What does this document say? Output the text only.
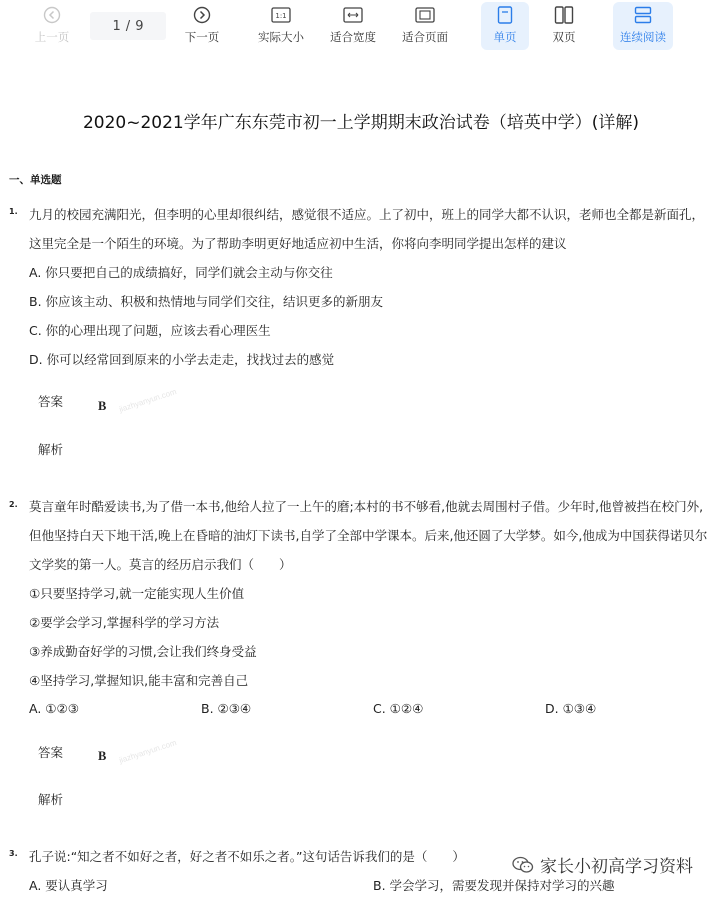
上一页
1 / 9
下一页
1:1
实际大小 适合宽度 适合页面	单页	双页	连续阅读
2020~2021学年广东东莞市初一上学期期末政治试卷（培英中学）(详解)
一、单选题
1. 九月的校园充满阳光，但李明的心里却很纠结，感觉很不适应。上了初中，班上的同学大都不认识，老师也全都是新面孔，
这里完全是一个陌生的环境。为了帮助李明更好地适应初中生活，你将向李明同学提出怎样的建议
A. 你只要把自己的成绩搞好，同学们就会主动与你交往
B. 你应该主动、积极和热情地与同学们交往，结识更多的新朋友
C. 你的心理出现了问题，应该去看心理医生
D. 你可以经常回到原来的小学去走走，找找过去的感觉
答案	B jiazhyanyun.com
解析
2. 莫言童年时酷爱读书,为了借一本书,他给人拉了一上午的磨;本村的书不够看,他就去周围村子借。少年时,他曾被挡在校门外,
但他坚持白天下地干活,晚上在昏暗的油灯下读书,自学了全部中学课本。后来,他还圆了大学梦。如今,他成为中国获得诺贝尔
文学奖的第一人。莫言的经历启示我们（　　）
①只要坚持学习,就一定能实现人生价值
②要学会学习,掌握科学的学习方法
③养成勤奋好学的习惯,会让我们终身受益
④坚持学习,掌握知识,能丰富和完善自己
A. ①②③	B. ②③④	C. ①②④	D. ①③④
答案	B jiazhyanyun.com
解析
3. 孔子说:“知之者不如好之者，好之者不如乐之者。”这句话告诉我们的是（　　）
A. 要认真学习	B. 学会学习，需要发现并保持对学习的兴趣
家长小初高学习资料
